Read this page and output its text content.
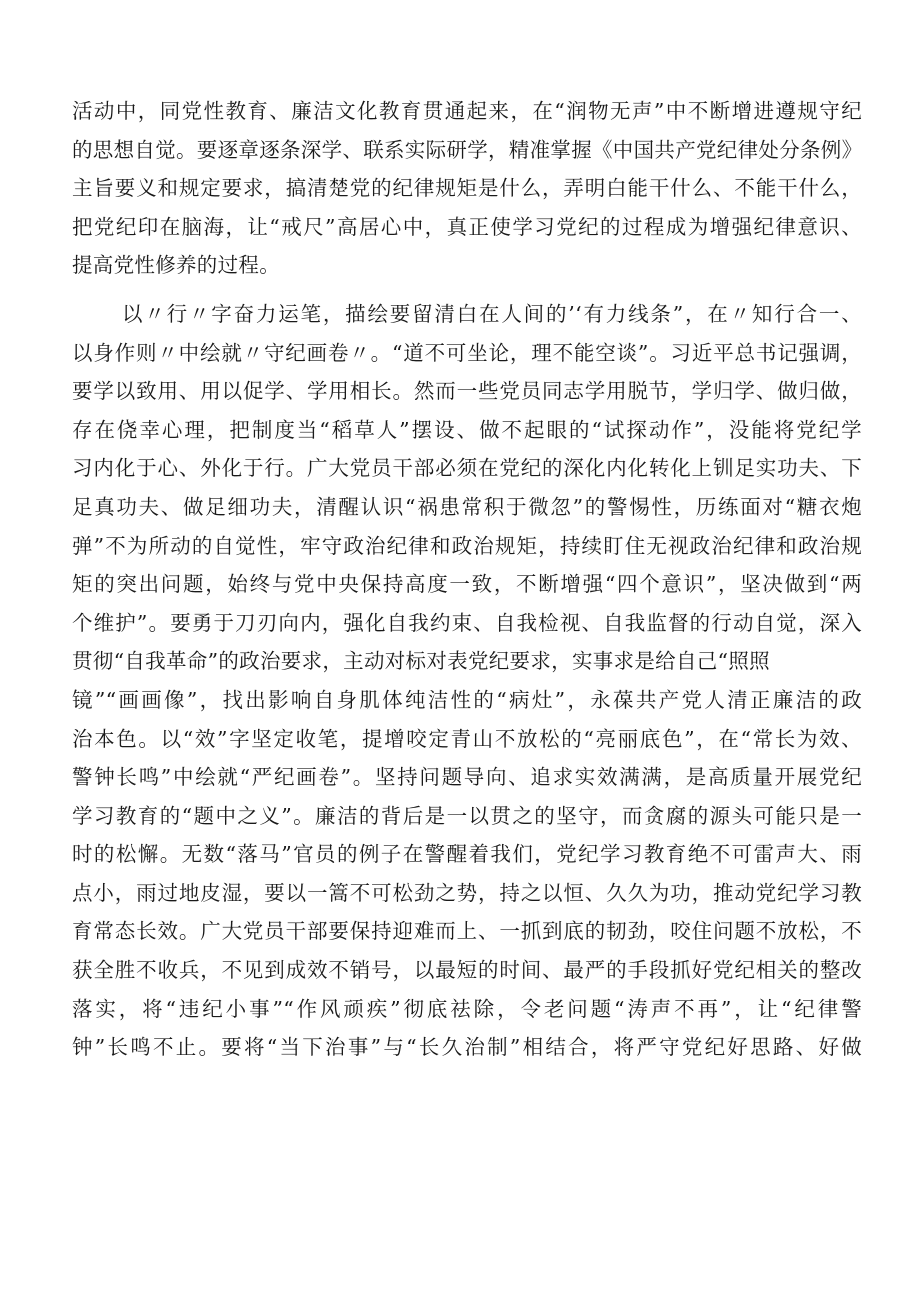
活动中，同党性教育、廉洁文化教育贯通起来，在“润物无声”中不断增进遵规守纪
的思想自觉。要逐章逐条深学、联系实际研学，精准掌握《中国共产党纪律处分条例》
主旨要义和规定要求，搞清楚党的纪律规矩是什么，弄明白能干什么、不能干什么，
把党纪印在脑海，让“戒尺”高居心中，真正使学习党纪的过程成为增强纪律意识、
提高党性修养的过程。
以〃行〃字奋力运笔，描绘要留清白在人间的’‘有力线条”，在〃知行合一、
以身作则〃中绘就〃守纪画卷〃。“道不可坐论，理不能空谈”。习近平总书记强调，
要学以致用、用以促学、学用相长。然而一些党员同志学用脱节，学归学、做归做，
存在侥幸心理，把制度当“稻草人”摆设、做不起眼的“试探动作”，没能将党纪学
习内化于心、外化于行。广大党员干部必须在党纪的深化内化转化上钏足实功夫、下
足真功夫、做足细功夫，清醒认识“祸患常积于微忽”的警惕性，历练面对“糖衣炮
弹”不为所动的自觉性，牢守政治纪律和政治规矩，持续盯住无视政治纪律和政治规
矩的突出问题，始终与党中央保持高度一致，不断增强“四个意识”，坚决做到“两
个维护”。要勇于刀刃向内，强化自我约束、自我检视、自我监督的行动自觉，深入
贯彻“自我革命”的政治要求，主动对标对表党纪要求，实事求是给自己“照照
镜”“画画像”，找出影响自身肌体纯洁性的“病灶”，永葆共产党人清正廉洁的政
治本色。以“效”字坚定收笔，提增咬定青山不放松的“亮丽底色”，在“常长为效、
警钟长鸣”中绘就“严纪画卷”。坚持问题导向、追求实效满满，是高质量开展党纪
学习教育的“题中之义”。廉洁的背后是一以贯之的坚守，而贪腐的源头可能只是一
时的松懈。无数“落马”官员的例子在警醒着我们，党纪学习教育绝不可雷声大、雨
点小，雨过地皮湿，要以一篙不可松劲之势，持之以恒、久久为功，推动党纪学习教
育常态长效。广大党员干部要保持迎难而上、一抓到底的韧劲，咬住问题不放松，不
获全胜不收兵，不见到成效不销号，以最短的时间、最严的手段抓好党纪相关的整改
落实，将“违纪小事”“作风顽疾”彻底祛除，令老问题“涛声不再”，让“纪律警
钟”长鸣不止。要将“当下治事”与“长久治制”相结合，将严守党纪好思路、好做
